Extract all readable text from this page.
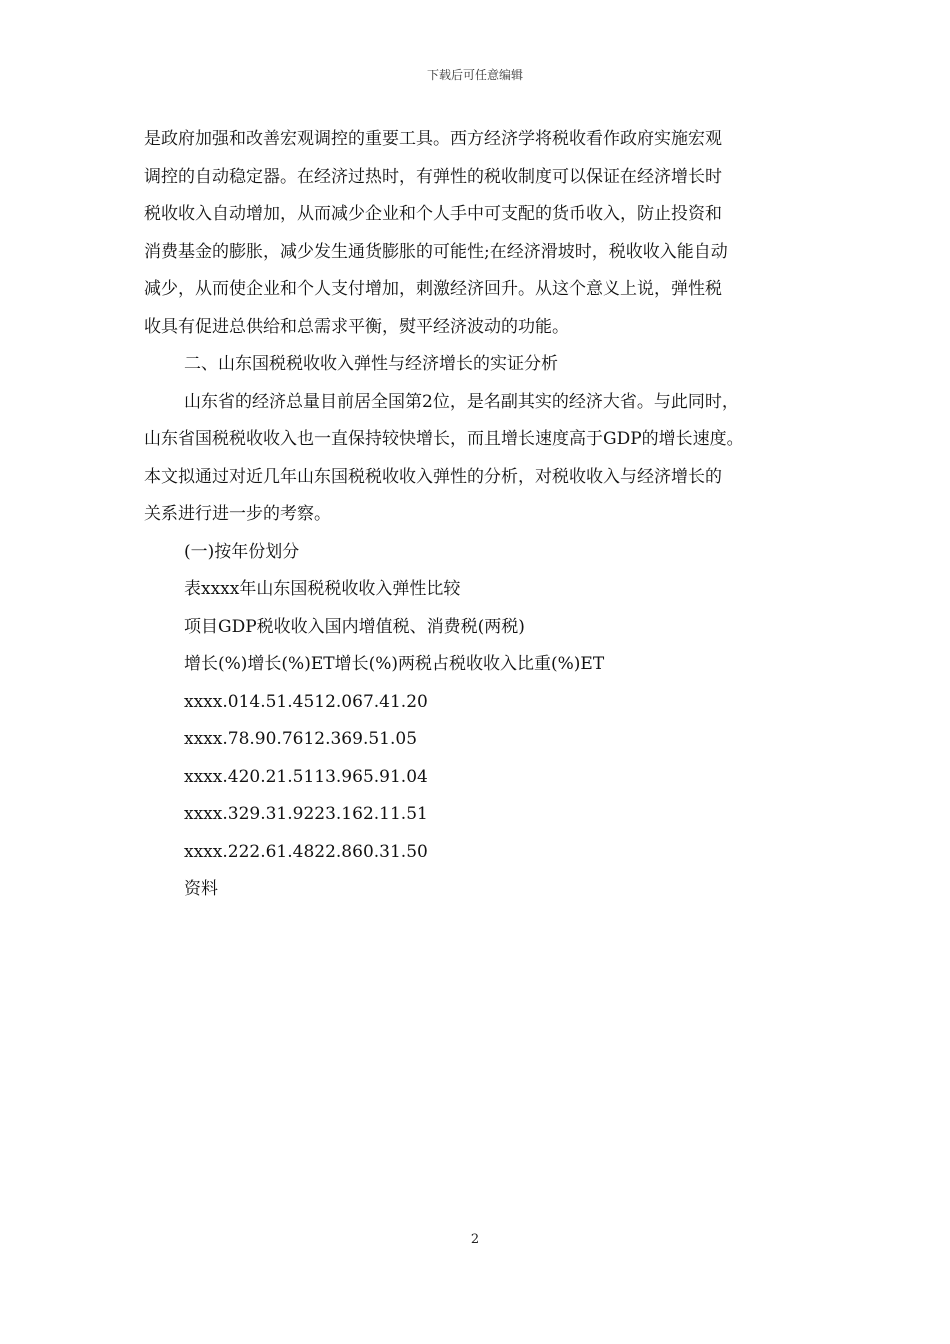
下载后可任意编辑
是政府加强和改善宏观调控的重要工具。西方经济学将税收看作政府实施宏观
调控的自动稳定器。在经济过热时，有弹性的税收制度可以保证在经济增长时
税收收入自动增加，从而减少企业和个人手中可支配的货币收入，防止投资和
消费基金的膨胀，减少发生通货膨胀的可能性;在经济滑坡时，税收收入能自动
减少，从而使企业和个人支付增加，刺激经济回升。从这个意义上说，弹性税
收具有促进总供给和总需求平衡，熨平经济波动的功能。
二、山东国税税收收入弹性与经济增长的实证分析
山东省的经济总量目前居全国第2位，是名副其实的经济大省。与此同时，
山东省国税税收收入也一直保持较快增长，而且增长速度高于GDP的增长速度。
本文拟通过对近几年山东国税税收收入弹性的分析，对税收收入与经济增长的
关系进行进一步的考察。
(一)按年份划分
表xxxx年山东国税税收收入弹性比较
项目GDP税收收入国内增值税、消费税(两税)
增长(%)增长(%)ET增长(%)两税占税收收入比重(%)ET
xxxx.014.51.4512.067.41.20
xxxx.78.90.7612.369.51.05
xxxx.420.21.5113.965.91.04
xxxx.329.31.9223.162.11.51
xxxx.222.61.4822.860.31.50
资料
2
